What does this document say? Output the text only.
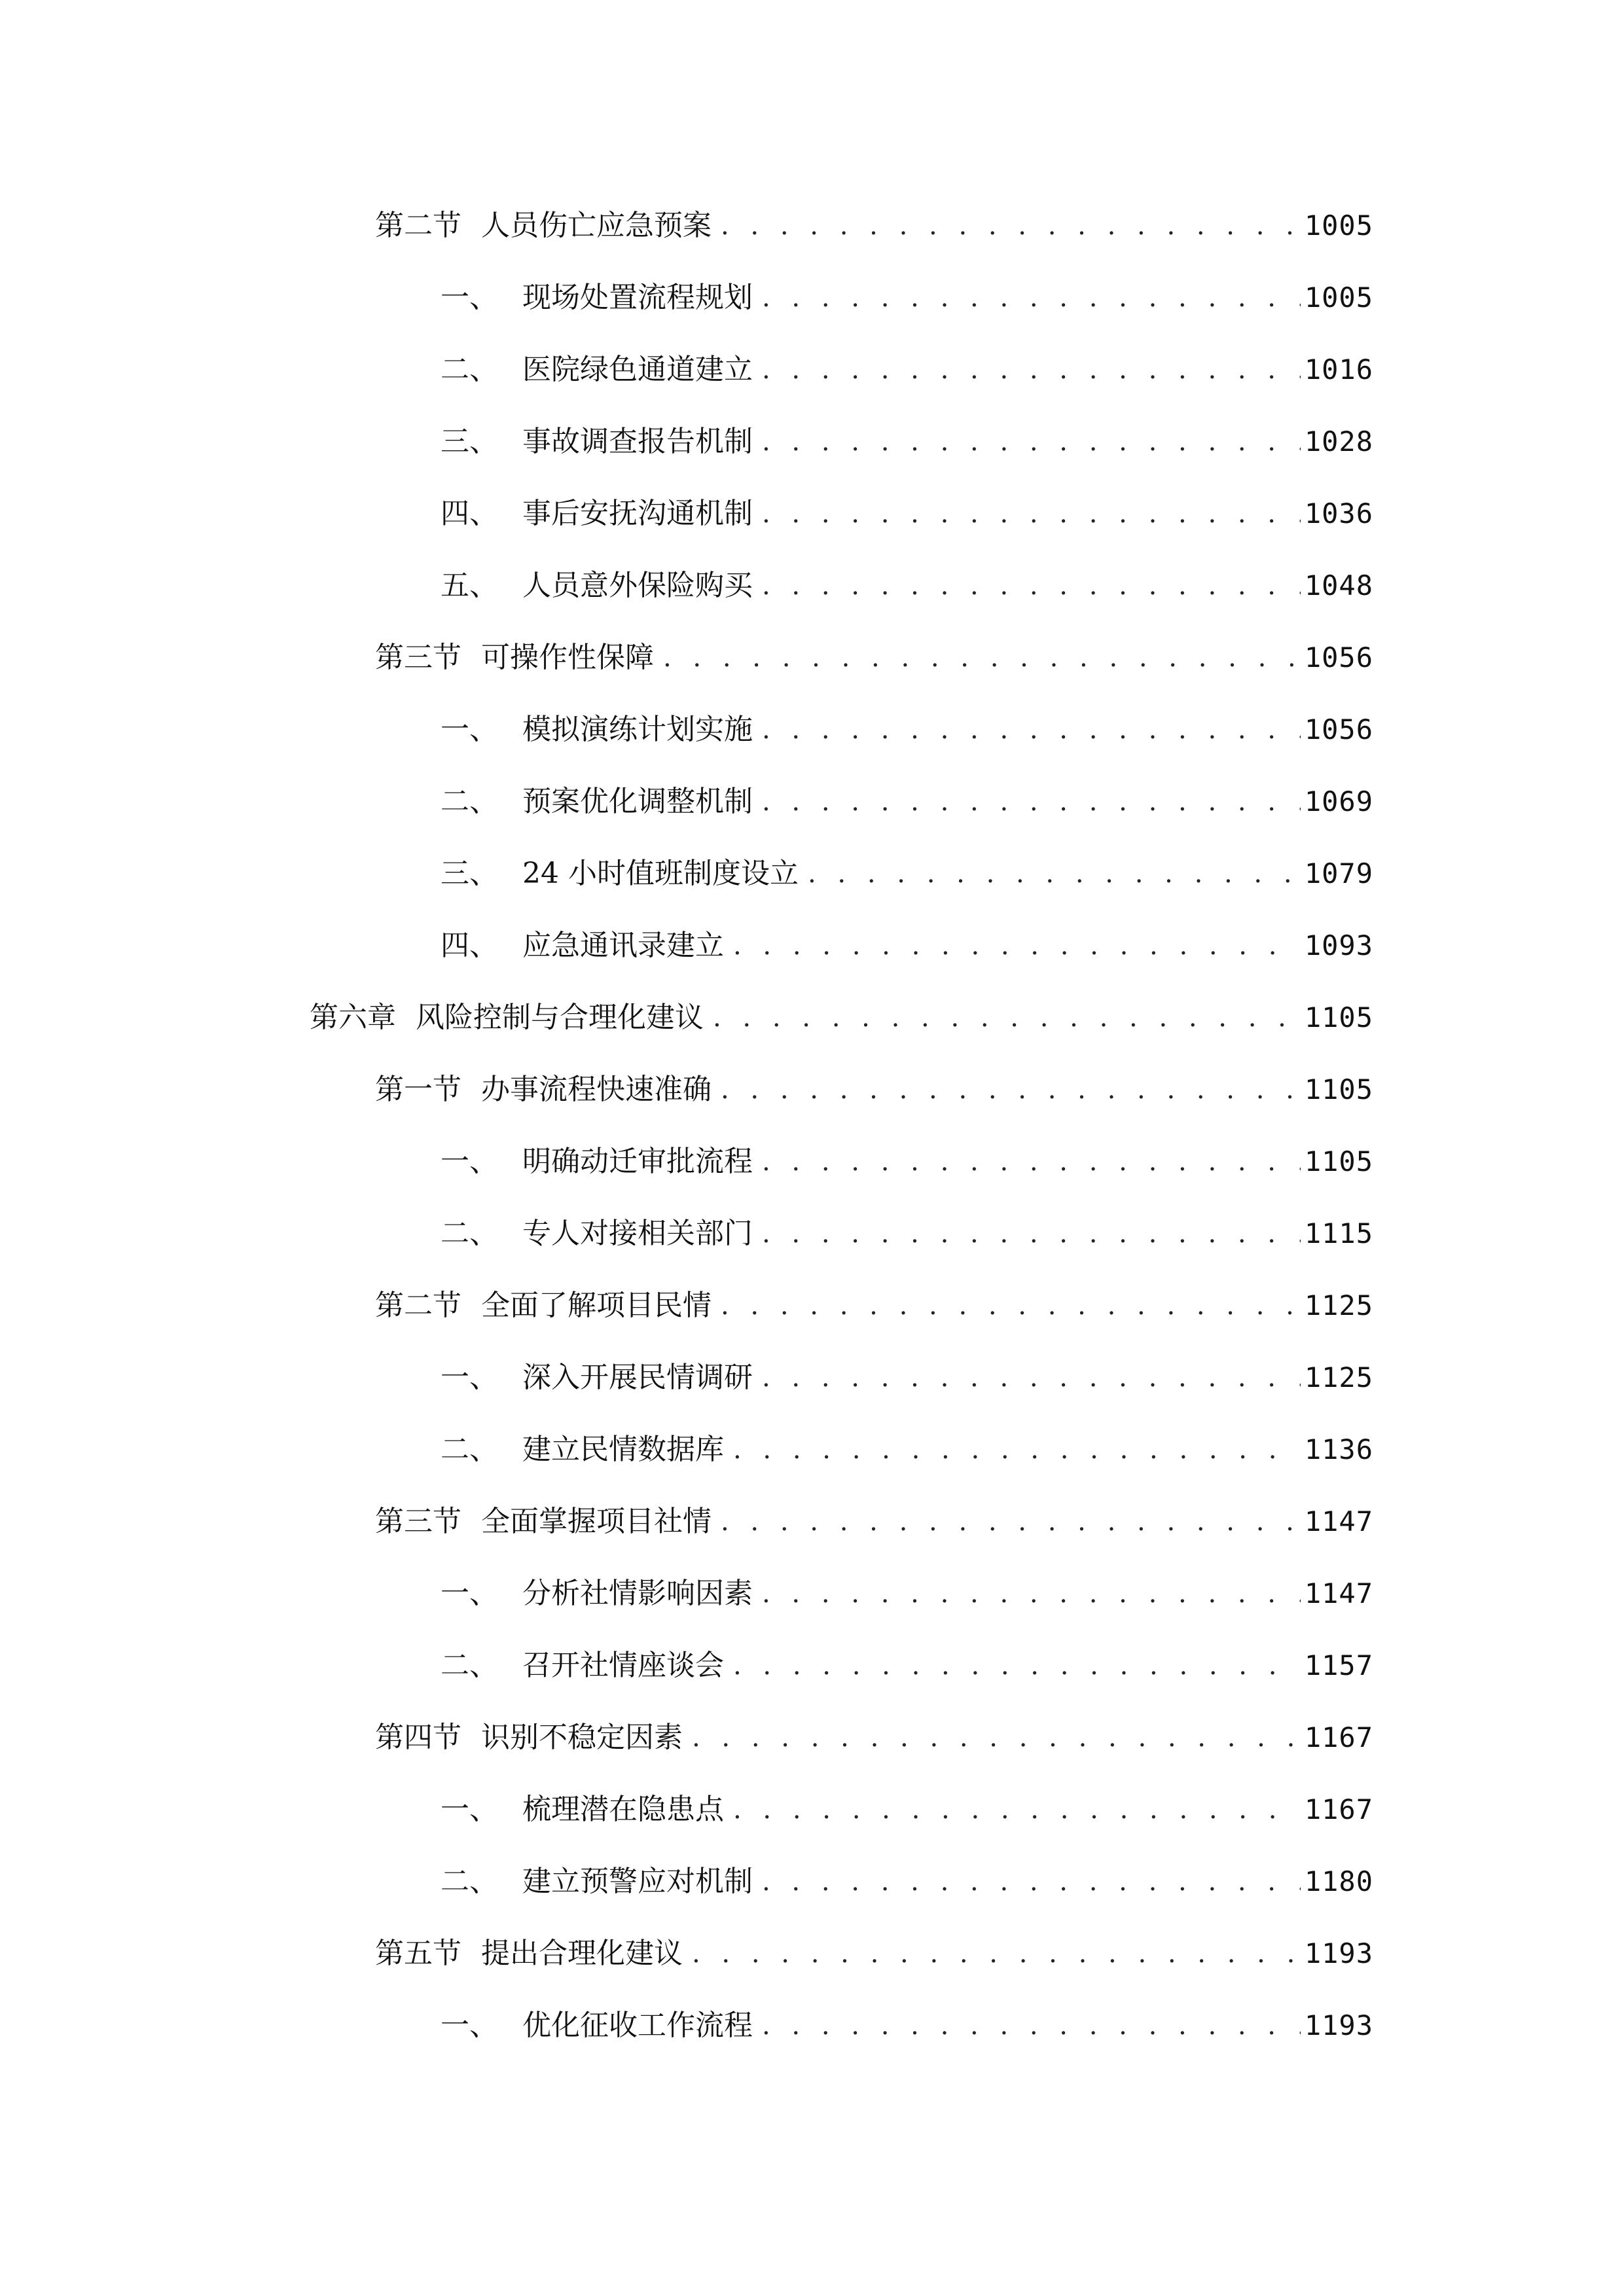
第二节 人员伤亡应急预案 . . .	1005
一、 现场处置流程规划 . . .	1005
二、 医院绿色通道建立 . . .	1016
三、 事故调查报告机制 . . .	1028
四、 事后安抚沟通机制 . . .	1036
五、 人员意外保险购买 . . .	1048
第三节 可操作性保障 . . .	1056
一、 模拟演练计划实施 . . .	1056
二、 预案优化调整机制 . . .	1069
三、 24 小时值班制度设立 . . .	1079
四、 应急通讯录建立 . . .	1093
第六章 风险控制与合理化建议 . . .	1105
第一节 办事流程快速准确 . . .	1105
一、 明确动迁审批流程 . . .	1105
二、 专人对接相关部门 . . .	1115
第二节 全面了解项目民情 . . .	1125
一、 深入开展民情调研 . . .	1125
二、 建立民情数据库 . . .	1136
第三节 全面掌握项目社情 . . .	1147
一、 分析社情影响因素 . . .	1147
二、 召开社情座谈会 . . .	1157
第四节 识别不稳定因素 . . .	1167
一、 梳理潜在隐患点 . . .	1167
二、 建立预警应对机制 . . .	1180
第五节 提出合理化建议 . . .	1193
一、 优化征收工作流程 . . .	1193
